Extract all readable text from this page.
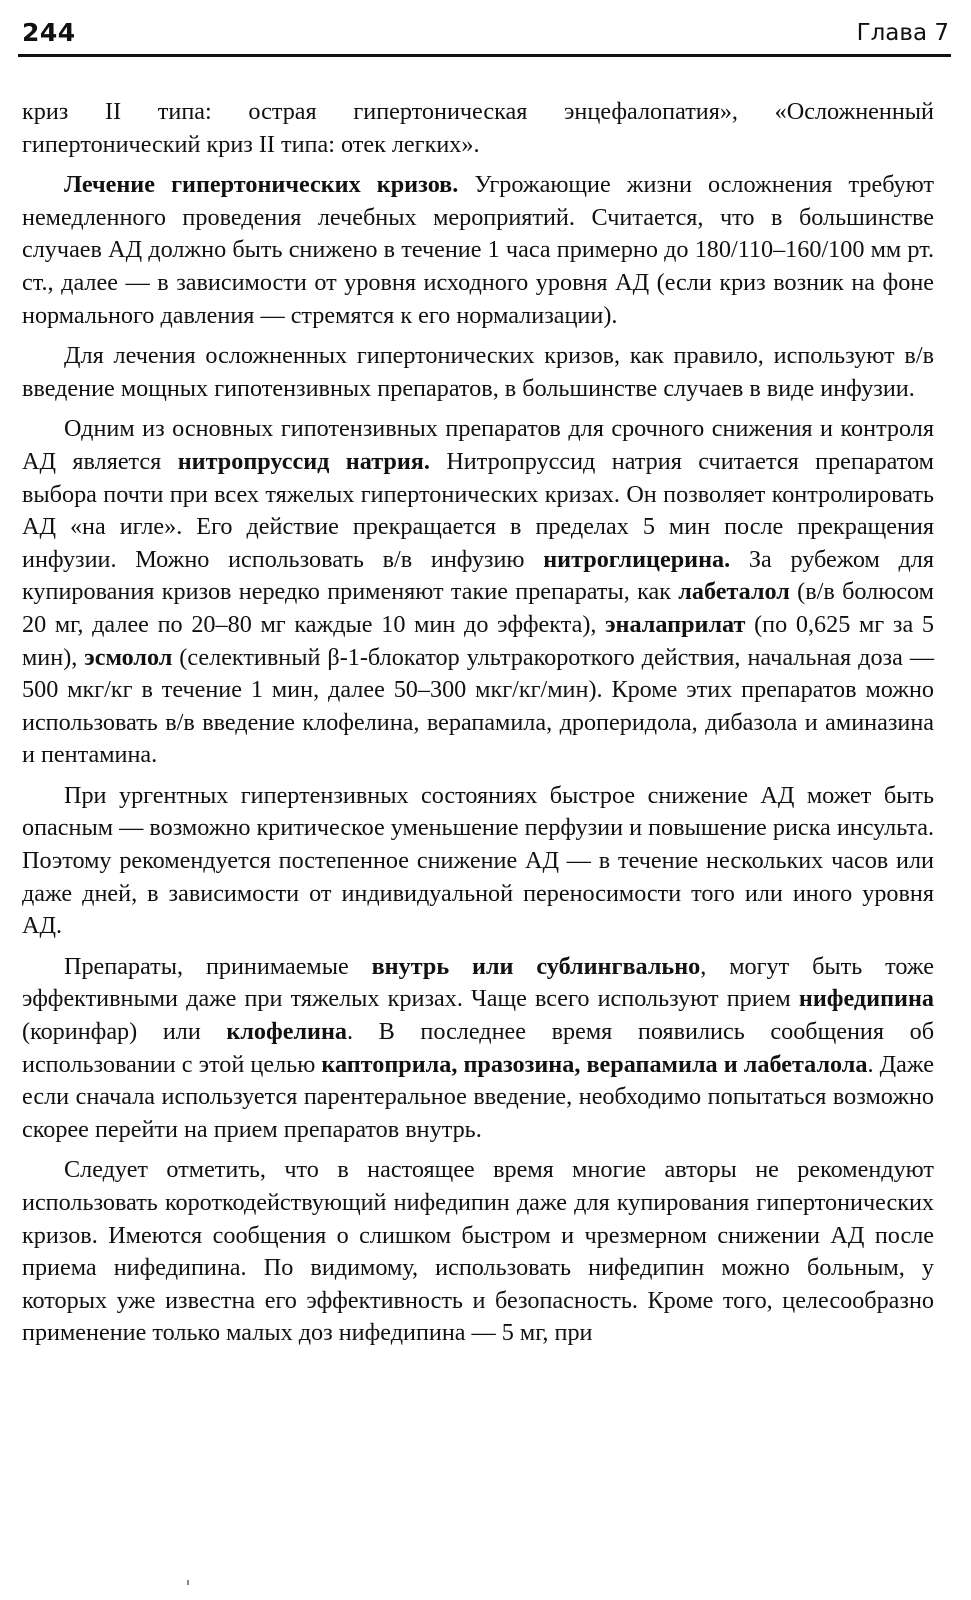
244	Глава 7

криз II типа: острая гипертоническая энцефалопатия», «Осложненный гипертонический криз II типа: отек легких».

Лечение гипертонических кризов. Угрожающие жизни осложнения требуют немедленного проведения лечебных мероприятий. Считается, что в большинстве случаев АД должно быть снижено в течение 1 часа примерно до 180/110–160/100 мм рт. ст., далее — в зависимости от уровня исходного уровня АД (если криз возник на фоне нормального давления — стремятся к его нормализации).

Для лечения осложненных гипертонических кризов, как правило, используют в/в введение мощных гипотензивных препаратов, в большинстве случаев в виде инфузии.

Одним из основных гипотензивных препаратов для срочного снижения и контроля АД является нитропруссид натрия. Нитропруссид натрия считается препаратом выбора почти при всех тяжелых гипертонических кризах. Он позволяет контролировать АД «на игле». Его действие прекращается в пределах 5 мин после прекращения инфузии. Можно использовать в/в инфузию нитроглицерина. За рубежом для купирования кризов нередко применяют такие препараты, как лабеталол (в/в болюсом 20 мг, далее по 20–80 мг каждые 10 мин до эффекта), эналаприлат (по 0,625 мг за 5 мин), эсмолол (селективный β-1-блокатор ультракороткого действия, начальная доза — 500 мкг/кг в течение 1 мин, далее 50–300 мкг/кг/мин). Кроме этих препаратов можно использовать в/в введение клофелина, верапамила, дроперидола, дибазола и аминазина и пентамина.

При ургентных гипертензивных состояниях быстрое снижение АД может быть опасным — возможно критическое уменьшение перфузии и повышение риска инсульта. Поэтому рекомендуется постепенное снижение АД — в течение нескольких часов или даже дней, в зависимости от индивидуальной переносимости того или иного уровня АД.

Препараты, принимаемые внутрь или сублингвально, могут быть тоже эффективными даже при тяжелых кризах. Чаще всего используют прием нифедипина (коринфар) или клофелина. В последнее время появились сообщения об использовании с этой целью каптоприла, празозина, верапамила и лабеталола. Даже если сначала используется парентеральное введение, необходимо попытаться возможно скорее перейти на прием препаратов внутрь.

Следует отметить, что в настоящее время многие авторы не рекомендуют использовать короткодействующий нифедипин даже для купирования гипертонических кризов. Имеются сообщения о слишком быстром и чрезмерном снижении АД после приема нифедипина. По видимому, использовать нифедипин можно больным, у которых уже известна его эффективность и безопасность. Кроме того, целесообразно применение только малых доз нифедипина — 5 мг, при
